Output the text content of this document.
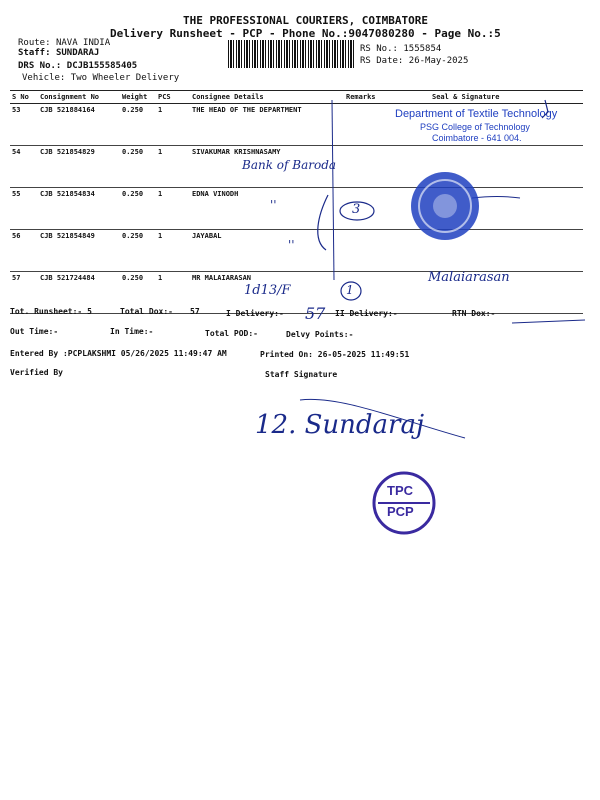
THE PROFESSIONAL COURIERS, COIMBATORE
Delivery Runsheet - PCP - Phone No.:9047080280 - Page No.:5
Route: NAVA INDIA
Staff: SUNDARAJ
DRS No.: DCJB155585405
Vehicle: Two Wheeler Delivery
RS No.: 1555854
RS Date: 26-May-2025
S No	Consignment No	Weight	PCS	Consignee Details	Remarks	Seal & Signature
53	CJB 521884164	0.250	1	THE HEAD OF THE DEPARTMENT		
54	CJB 521854829	0.250	1	SIVAKUMAR KRISHNASAMY		
55	CJB 521854834	0.250	1	EDNA VINODH		
56	CJB 521854849	0.250	1	JAYABAL		
57	CJB 521724484	0.250	1	MR MALAIARASAN		
Department of Textile Technology
PSG College of Technology
Coimbatore - 641 004.
Bank of Baroda
''
''
3
1
1d13/F
Malaiarasan
TPC
PCP
Tot. Runsheet:- 5	Total Dox:- 57	I Delivery:- 57 II Delivery:-	RTN Dox:-
Out Time:-	In Time:-	Total POD:-	Delvy Points:-
Entered By :PCPLAKSHMI 05/26/2025 11:49:47 AM	Printed On: 26-05-2025 11:49:51
Verified By	Staff Signature
12. Sundaraj
